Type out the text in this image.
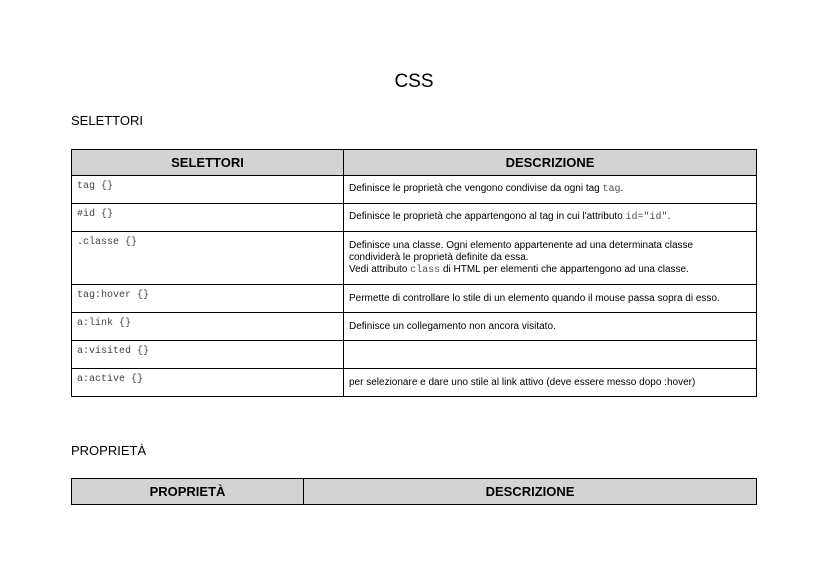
CSS
SELETTORI
SELETTORI	DESCRIZIONE
tag {}	Definisce le proprietà che vengono condivise da ogni tag tag.
#id {}	Definisce le proprietà che appartengono al tag in cui l'attributo id="id".
.classe {}	Definisce una classe. Ogni elemento appartenente ad una determinata classe
condividerà le proprietà definite da essa.
Vedi attributo class di HTML per elementi che appartengono ad una classe.

tag:hover {}	Permette di controllare lo stile di un elemento quando il mouse passa sopra di esso.
a:link {}	Definisce un collegamento non ancora visitato.
a:visited {}	
a:active {}	per selezionare e dare uno stile al link attivo (deve essere messo dopo :hover)
PROPRIETÀ
PROPRIETÀ	DESCRIZIONE
